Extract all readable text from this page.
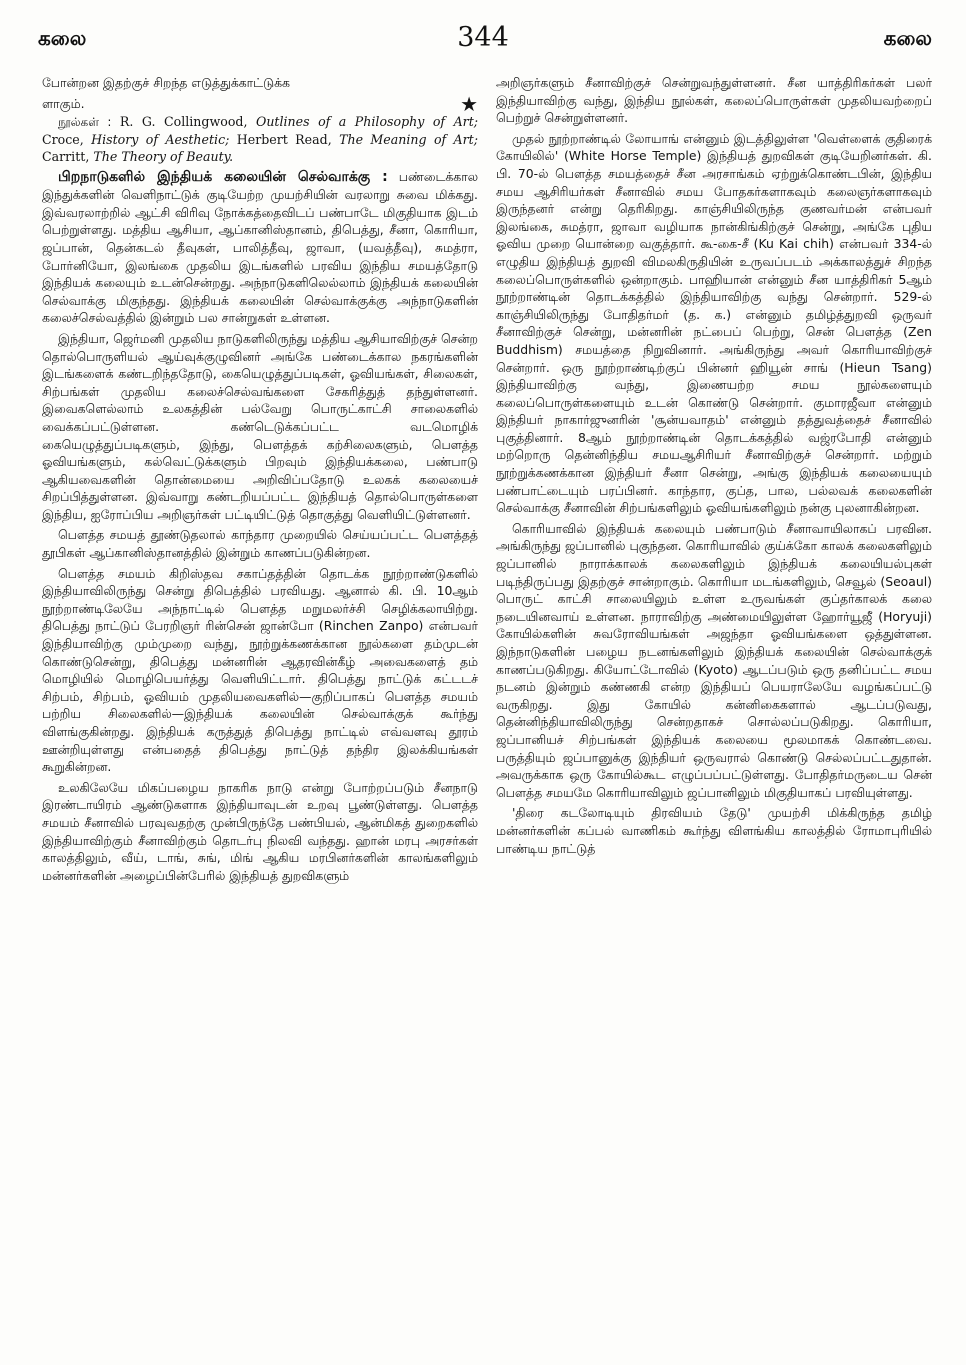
கலை	344	கலை

போன்றன இதற்குச் சிறந்த எடுத்துக்காட்டுக்க

ளாகும்.	★

நூல்கள் : R. G. Collingwood, Outlines of a Philosophy of Art; Croce, History of Aesthetic; Herbert Read, The Meaning of Art; Carritt, The Theory of Beauty.

பிறநாடுகளில் இந்தியக் கலையின் செல்வாக்கு : பண்டைக்கால இந்துக்களின் வெளிநாட்டுக் குடியேற்ற முயற்சியின் வரலாறு சுவை மிக்கது. இவ்வரலாற்றில் ஆட்சி விரிவு நோக்கத்தைவிடப் பண்பாடே மிகுதியாக இடம் பெற்றுள்ளது. மத்திய ஆசியா, ஆப்கானிஸ்தானம், திபெத்து, சீனா, கொரியா, ஜப்பான், தென்கடல் தீவுகள், பாலித்தீவு, ஜாவா, (யவத்தீவு), சுமத்ரா, போர்னியோ, இலங்கை முதலிய இடங்களில் பரவிய இந்திய சமயத்தோடு இந்தியக் கலையும் உடன்சென்றது. அந்நாடுகளிலெல்லாம் இந்தியக் கலையின் செல்வாக்கு மிகுந்தது. இந்தியக் கலையின் செல்வாக்குக்கு அந்நாடுகளின் கலைச்செல்வத்தில் இன்றும் பல சான்றுகள் உள்ளன.

இந்தியா, ஜெர்மனி முதலிய நாடுகளிலிருந்து மத்திய ஆசியாவிற்குச் சென்ற தொல்பொருளியல் ஆய்வுக்குழுவினர் அங்கே பண்டைக்கால நகரங்களின் இடங்களைக் கண்டறிந்ததோடு, கையெழுத்துப்படிகள், ஓவியங்கள், சிலைகள், சிற்பங்கள் முதலிய கலைச்செல்வங்களை சேகரித்துத் தந்துள்ளனர். இவைகளெல்லாம் உலகத்தின் பல்வேறு பொருட்காட்சி சாலைகளில் வைக்கப்பட்டுள்ளன. கண்டெடுக்கப்பட்ட வடமொழிக் கையெழுத்துப்படிகளும், இந்து, பௌத்தக் கற்சிலைகளும், பௌத்த ஓவியங்களும், கல்வெட்டுக்களும் பிறவும் இந்தியக்கலை, பண்பாடு ஆகியவைகளின் தொன்மையை அறிவிப்பதோடு உலகக் கலையைச் சிறப்பித்துள்ளன. இவ்வாறு கண்டறியப்பட்ட இந்தியத் தொல்பொருள்களை இந்திய, ஐரோப்பிய அறிஞர்கள் பட்டியிட்டுத் தொகுத்து வெளியிட்டுள்ளனர்.

பௌத்த சமயத் தூண்டுதலால் காந்தார முறையில் செய்யப்பட்ட பௌத்தத் தூபிகள் ஆப்கானிஸ்தானத்தில் இன்றும் காணப்படுகின்றன.

பௌத்த சமயம் கிறிஸ்தவ சகாப்தத்தின் தொடக்க நூற்றாண்டுகளில் இந்தியாவிலிருந்து சென்று திபெத்தில் பரவியது. ஆனால் கி. பி. 10ஆம் நூற்றாண்டிலேயே அந்நாட்டில் பௌத்த மறுமலர்ச்சி செழிக்கலாயிற்று. திபெத்து நாட்டுப் பேரறிஞர் ரின்சென் ஜான்போ (Rinchen Zanpo) என்பவர் இந்தியாவிற்கு மும்முறை வந்து, நூற்றுக்கணக்கான நூல்களை தம்முடன் கொண்டுசென்று, திபெத்து மன்னரின் ஆதரவின்கீழ் அவைகளைத் தம் மொழியில் மொழிபெயர்த்து வெளியிட்டார். திபெத்து நாட்டுக் கட்டடச் சிற்பம், சிற்பம், ஓவியம் முதலியவைகளில்—குறிப்பாகப் பௌத்த சமயம் பற்றிய சிலைகளில்—இந்தியக் கலையின் செல்வாக்குக் கூர்ந்து விளங்குகின்றது. இந்தியக் கருத்துத் திபெத்து நாட்டில் எவ்வளவு தூரம் ஊன்றியுள்ளது என்பதைத் திபெத்து நாட்டுத் தந்திர இலக்கியங்கள் கூறுகின்றன.

உலகிலேயே மிகப்பழைய நாகரிக நாடு என்று போற்றப்படும் சீனநாடு இரண்டாயிரம் ஆண்டுகளாக இந்தியாவுடன் உறவு பூண்டுள்ளது. பௌத்த சமயம் சீனாவில் பரவுவதற்கு முன்பிருந்தே பண்பியல், ஆன்மிகத் துறைகளில் இந்தியாவிற்கும் சீனாவிற்கும் தொடர்பு நிலவி வந்தது. ஹான் மரபு அரசர்கள் காலத்திலும், வீய், டாங், சுங், மிங் ஆகிய மரபினர்களின் காலங்களிலும் மன்னர்களின் அழைப்பின்பேரில் இந்தியத் துறவிகளும்

அறிஞர்களும் சீனாவிற்குச் சென்றுவந்துள்ளனர். சீன யாத்திரிகர்கள் பலர் இந்தியாவிற்கு வந்து, இந்திய நூல்கள், கலைப்பொருள்கள் முதலியவற்றைப் பெற்றுச் சென்றுள்ளனர்.

முதல் நூற்றாண்டில் லோயாங் என்னும் இடத்திலுள்ள 'வெள்ளைக் குதிரைக் கோயிலில்' (White Horse Temple) இந்தியத் துறவிகள் குடியேறினர்கள். கி. பி. 70-ல் பௌத்த சமயத்தைச் சீன அரசாங்கம் ஏற்றுக்கொண்டபின், இந்திய சமய ஆசிரியர்கள் சீனாவில் சமய போதகர்களாகவும் கலைஞர்களாகவும் இருந்தனர் என்று தெரிகிறது. காஞ்சியிலிருந்த குணவர்மன் என்பவர் இலங்கை, சுமத்ரா, ஜாவா வழியாக நான்கிங்கிற்குச் சென்று, அங்கே புதிய ஓவிய முறை யொன்றை வகுத்தார். கூ-கை-சீ (Ku Kai chih) என்பவர் 334-ல் எழுதிய இந்தியத் துறவி விமலகிருதியின் உருவப்படம் அக்காலத்துச் சிறந்த கலைப்பொருள்களில் ஒன்றாகும். பாஹியான் என்னும் சீன யாத்திரிகர் 5ஆம் நூற்றாண்டின் தொடக்கத்தில் இந்தியாவிற்கு வந்து சென்றார். 529-ல் காஞ்சியிலிருந்து போதிதர்மர் (த. க.) என்னும் தமிழ்த்துறவி ஒருவர் சீனாவிற்குச் சென்று, மன்னரின் நட்பைப் பெற்று, சென் பௌத்த (Zen Buddhism) சமயத்தை நிறுவினார். அங்கிருந்து அவர் கொரியாவிற்குச் சென்றார். ஒரு நூற்றாண்டிற்குப் பின்னர் ஹியூன் சாங் (Hieun Tsang) இந்தியாவிற்கு வந்து, இணையற்ற சமய நூல்களையும் கலைப்பொருள்களையும் உடன் கொண்டு சென்றார். குமாரஜீவா என்னும் இந்தியர் நாகார்ஜுனரின் 'சூன்யவாதம்' என்னும் தத்துவத்தைச் சீனாவில் புகுத்தினார். 8ஆம் நூற்றாண்டின் தொடக்கத்தில் வஜ்ரபோதி என்னும் மற்றொரு தென்னிந்திய சமயஆசிரியர் சீனாவிற்குச் சென்றார். மற்றும் நூற்றுக்கணக்கான இந்தியர் சீனா சென்று, அங்கு இந்தியக் கலையையும் பண்பாட்டையும் பரப்பினர். காந்தார, குப்த, பால, பல்லவக் கலைகளின் செல்வாக்கு சீனாவின் சிற்பங்களிலும் ஓவியங்களிலும் நன்கு புலனாகின்றன.

கொரியாவில் இந்தியக் கலையும் பண்பாடும் சீனாவாயிலாகப் பரவின. அங்கிருந்து ஜப்பானில் புகுந்தன. கொரியாவில் குய்க்கோ காலக் கலைகளிலும் ஜப்பானில் நாராக்காலக் கலைகளிலும் இந்தியக் கலையியல்புகள் படிந்திருப்பது இதற்குச் சான்றாகும். கொரியா மடங்களிலும், செவூல் (Seoaul) பொருட் காட்சி சாலையிலும் உள்ள உருவங்கள் குப்தர்காலக் கலை நடையினவாய் உள்ளன. நாராவிற்கு அண்மையிலுள்ள ஹோர்யூஜீ (Horyuji) கோயில்களின் சுவரோவியங்கள் அஜந்தா ஓவியங்களை ஒத்துள்ளன. இந்நாடுகளின் பழைய நடனங்களிலும் இந்தியக் கலையின் செல்வாக்குக் காணப்படுகிறது. கியோட்டோவில் (Kyoto) ஆடப்படும் ஒரு தனிப்பட்ட சமய நடனம் இன்றும் கண்ணகி என்ற இந்தியப் பெயராலேயே வழங்கப்பட்டு வருகிறது. இது கோயில் கன்னிகைகளால் ஆடப்படுவது, தென்னிந்தியாவிலிருந்து சென்றதாகச் சொல்லப்படுகிறது. கொரியா, ஜப்பானியச் சிற்பங்கள் இந்தியக் கலையை மூலமாகக் கொண்டவை. பருத்தியும் ஜப்பானுக்கு இந்தியர் ஒருவரால் கொண்டு செல்லப்பட்டதுதான். அவருக்காக ஒரு கோயில்கூட எழுப்பப்பட்டுள்ளது. போதிதர்மருடைய சென் பௌத்த சமயமே கொரியாவிலும் ஜப்பானிலும் மிகுதியாகப் பரவியுள்ளது.

'திரை கடலோடியும் திரவியம் தேடு' முயற்சி மிக்கிருந்த தமிழ் மன்னர்களின் கப்பல் வாணிகம் கூர்ந்து விளங்கிய காலத்தில் ரோமாபுரியில் பாண்டிய நாட்டுத்
